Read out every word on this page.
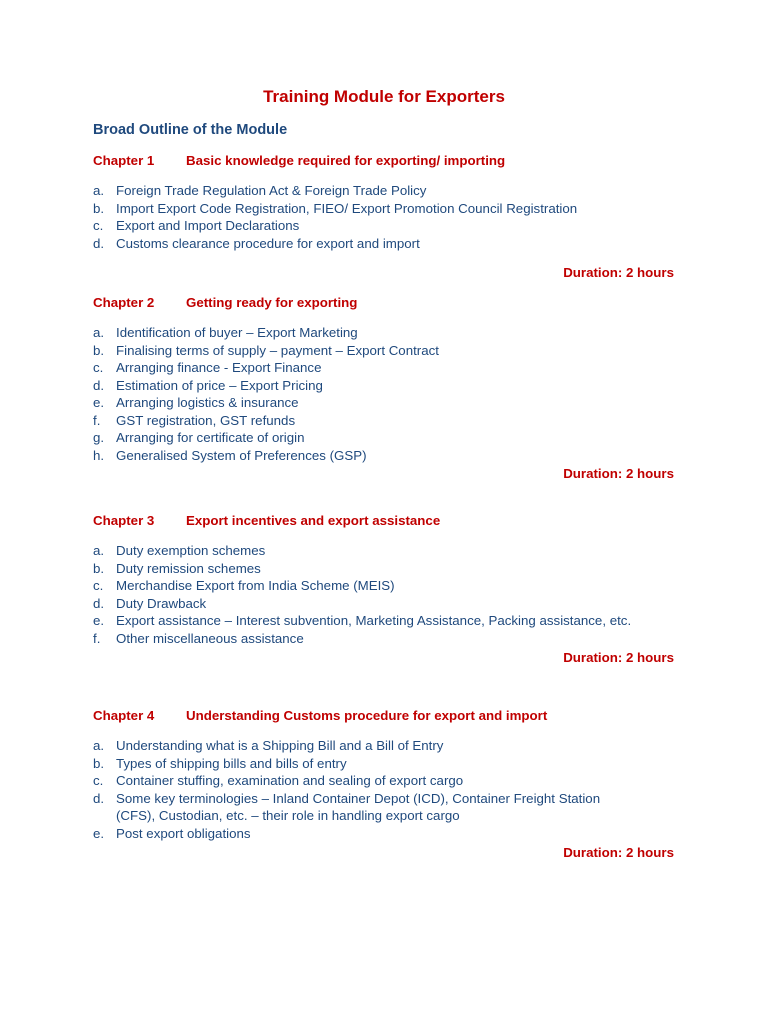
Training Module for Exporters
Broad Outline of the Module
Chapter 1 Basic knowledge required for exporting/ importing
a. Foreign Trade Regulation Act & Foreign Trade Policy
b. Import Export Code Registration, FIEO/ Export Promotion Council Registration
c. Export and Import Declarations
d. Customs clearance procedure for export and import
Duration: 2 hours
Chapter 2 Getting ready for exporting
a. Identification of buyer – Export Marketing
b. Finalising terms of supply – payment – Export Contract
c. Arranging finance - Export Finance
d. Estimation of price – Export Pricing
e. Arranging logistics & insurance
f. GST registration, GST refunds
g. Arranging for certificate of origin
h. Generalised System of Preferences (GSP)
Duration: 2 hours
Chapter 3 Export incentives and export assistance
a. Duty exemption schemes
b. Duty remission schemes
c. Merchandise Export from India Scheme (MEIS)
d. Duty Drawback
e. Export assistance – Interest subvention, Marketing Assistance, Packing assistance, etc.
f. Other miscellaneous assistance
Duration: 2 hours
Chapter 4 Understanding Customs procedure for export and import
a. Understanding what is a Shipping Bill and a Bill of Entry
b. Types of shipping bills and bills of entry
c. Container stuffing, examination and sealing of export cargo
d. Some key terminologies – Inland Container Depot (ICD), Container Freight Station (CFS), Custodian, etc. – their role in handling export cargo
e. Post export obligations
Duration: 2 hours
